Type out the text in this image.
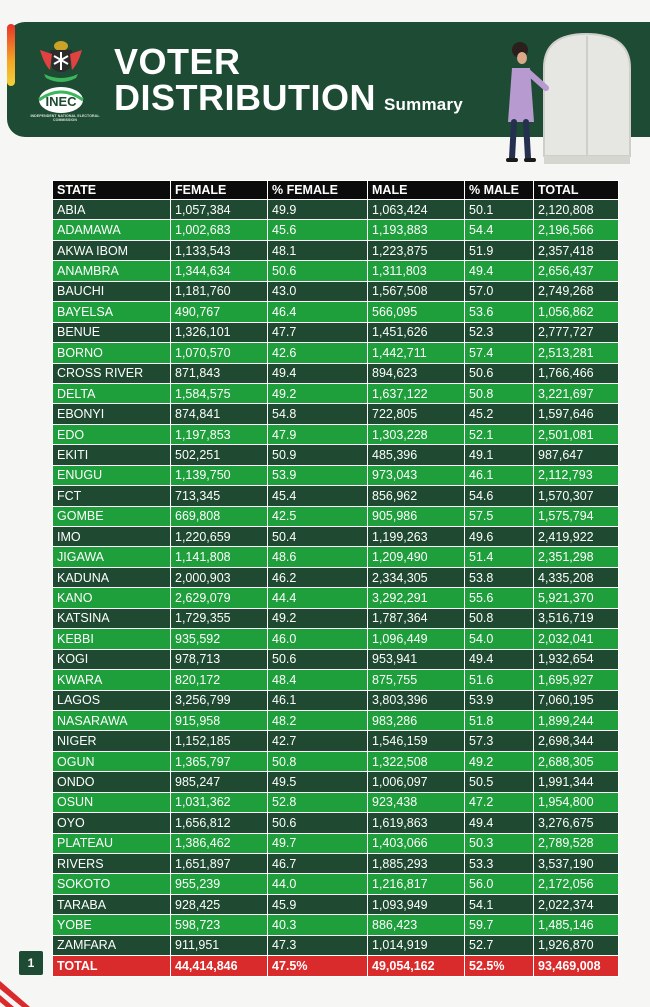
INEC
INDEPENDENT NATIONAL ELECTORAL COMMISSION
VOTER
DISTRIBUTION Summary
STATE	FEMALE	% FEMALE	MALE	% MALE	TOTAL
ABIA	1,057,384	49.9	1,063,424	50.1	2,120,808
ADAMAWA	1,002,683	45.6	1,193,883	54.4	2,196,566
AKWA IBOM	1,133,543	48.1	1,223,875	51.9	2,357,418
ANAMBRA	1,344,634	50.6	1,311,803	49.4	2,656,437
BAUCHI	1,181,760	43.0	1,567,508	57.0	2,749,268
BAYELSA	490,767	46.4	566,095	53.6	1,056,862
BENUE	1,326,101	47.7	1,451,626	52.3	2,777,727
BORNO	1,070,570	42.6	1,442,711	57.4	2,513,281
CROSS RIVER	871,843	49.4	894,623	50.6	1,766,466
DELTA	1,584,575	49.2	1,637,122	50.8	3,221,697
EBONYI	874,841	54.8	722,805	45.2	1,597,646
EDO	1,197,853	47.9	1,303,228	52.1	2,501,081
EKITI	502,251	50.9	485,396	49.1	987,647
ENUGU	1,139,750	53.9	973,043	46.1	2,112,793
FCT	713,345	45.4	856,962	54.6	1,570,307
GOMBE	669,808	42.5	905,986	57.5	1,575,794
IMO	1,220,659	50.4	1,199,263	49.6	2,419,922
JIGAWA	1,141,808	48.6	1,209,490	51.4	2,351,298
KADUNA	2,000,903	46.2	2,334,305	53.8	4,335,208
KANO	2,629,079	44.4	3,292,291	55.6	5,921,370
KATSINA	1,729,355	49.2	1,787,364	50.8	3,516,719
KEBBI	935,592	46.0	1,096,449	54.0	2,032,041
KOGI	978,713	50.6	953,941	49.4	1,932,654
KWARA	820,172	48.4	875,755	51.6	1,695,927
LAGOS	3,256,799	46.1	3,803,396	53.9	7,060,195
NASARAWA	915,958	48.2	983,286	51.8	1,899,244
NIGER	1,152,185	42.7	1,546,159	57.3	2,698,344
OGUN	1,365,797	50.8	1,322,508	49.2	2,688,305
ONDO	985,247	49.5	1,006,097	50.5	1,991,344
OSUN	1,031,362	52.8	923,438	47.2	1,954,800
OYO	1,656,812	50.6	1,619,863	49.4	3,276,675
PLATEAU	1,386,462	49.7	1,403,066	50.3	2,789,528
RIVERS	1,651,897	46.7	1,885,293	53.3	3,537,190
SOKOTO	955,239	44.0	1,216,817	56.0	2,172,056
TARABA	928,425	45.9	1,093,949	54.1	2,022,374
YOBE	598,723	40.3	886,423	59.7	1,485,146
ZAMFARA	911,951	47.3	1,014,919	52.7	1,926,870
TOTAL	44,414,846	47.5%	49,054,162	52.5%	93,469,008
1
